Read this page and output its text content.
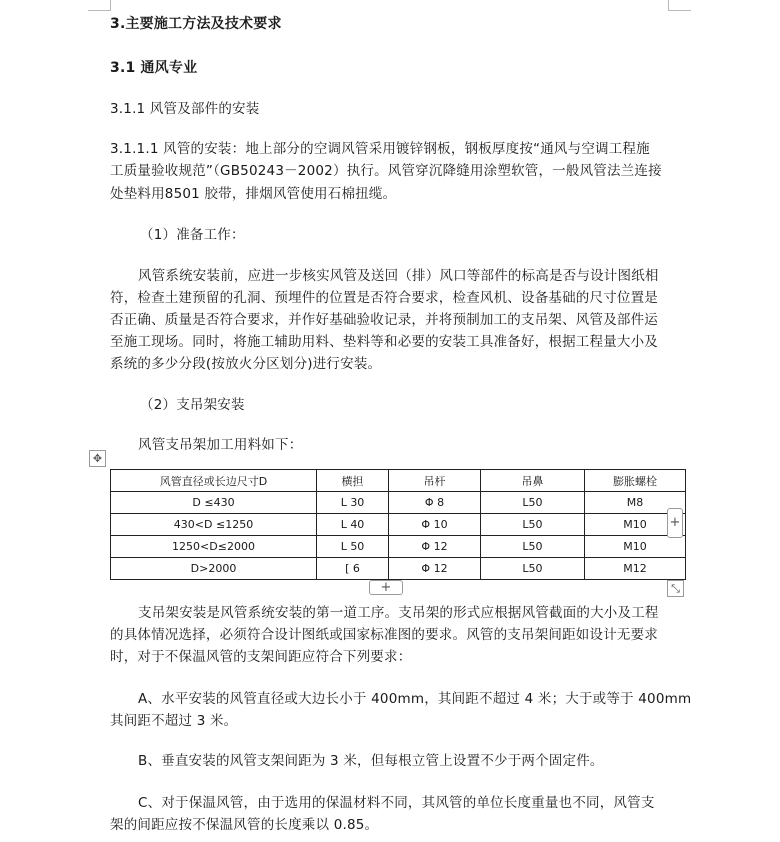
3.主要施工方法及技术要求
3.1 通风专业
3.1.1 风管及部件的安装
3.1.1.1 风管的安装：地上部分的空调风管采用镀锌钢板，钢板厚度按“通风与空调工程施
工质量验收规范”（GB50243－2002）执行。风管穿沉降缝用涂塑软管，一般风管法兰连接
处垫料用8501 胶带，排烟风管使用石棉扭缆。
（1）准备工作：
风管系统安装前，应进一步核实风管及送回（排）风口等部件的标高是否与设计图纸相
符，检查土建预留的孔洞、预埋件的位置是否符合要求，检查风机、设备基础的尺寸位置是
否正确、质量是否符合要求，并作好基础验收记录，并将预制加工的支吊架、风管及部件运
至施工现场。同时，将施工辅助用料、垫料等和必要的安装工具准备好，根据工程量大小及
系统的多少分段(按放火分区划分)进行安装。
（2）支吊架安装
风管支吊架加工用料如下：
✥
风管直径或长边尺寸D	横担	吊杆	吊鼻	膨胀螺栓
D ≤430	L 30	Φ 8	L50	M8
430<D ≤1250	L 40	Φ 10	L50	M10
1250<D≤2000	L 50	Φ 12	L50	M10
D>2000	[ 6	Φ 12	L50	M12
+
+	⤡
支吊架安装是风管系统安装的第一道工序。支吊架的形式应根据风管截面的大小及工程
的具体情况选择，必须符合设计图纸或国家标准图的要求。风管的支吊架间距如设计无要求
时，对于不保温风管的支架间距应符合下列要求：
A、水平安装的风管直径或大边长小于 400mm，其间距不超过 4 米；大于或等于 400mm
其间距不超过 3 米。
B、垂直安装的风管支架间距为 3 米，但每根立管上设置不少于两个固定件。
C、对于保温风管，由于选用的保温材料不同，其风管的单位长度重量也不同，风管支
架的间距应按不保温风管的长度乘以 0.85。
